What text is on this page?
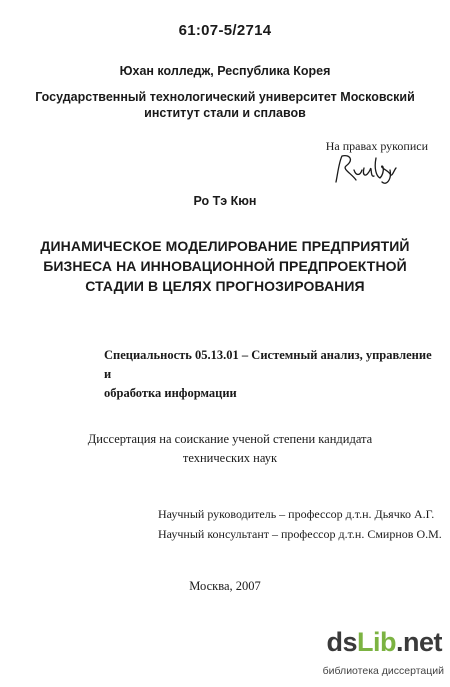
61:07-5/2714
Юхан колледж, Республика Корея
Государственный технологический университет Московский
институт стали и сплавов
На правах рукописи
Ро Тэ Кюн
ДИНАМИЧЕСКОЕ МОДЕЛИРОВАНИЕ ПРЕДПРИЯТИЙ
БИЗНЕСА НА ИННОВАЦИОННОЙ ПРЕДПРОЕКТНОЙ
СТАДИИ В ЦЕЛЯХ ПРОГНОЗИРОВАНИЯ
Специальность 05.13.01 – Системный анализ, управление и
обработка информации
Диссертация на соискание ученой степени кандидата
технических наук
Научный руководитель – профессор д.т.н. Дьячко А.Г.
Научный консультант – профессор д.т.н. Смирнов О.М.
Москва, 2007
dsLib.net
библиотека диссертаций
